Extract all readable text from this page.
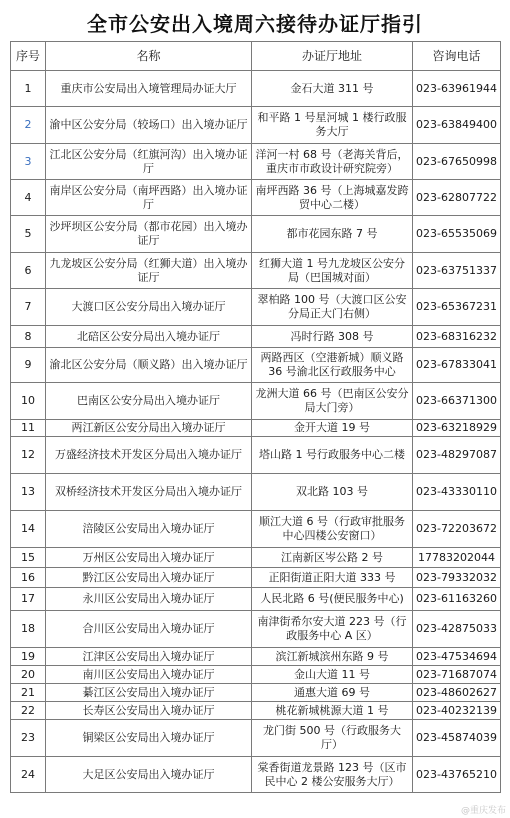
全市公安出入境周六接待办证厅指引
序号	名称	办证厅地址	咨询电话
1	重庆市公安局出入境管理局办证大厅	金石大道 311 号	023-63961944
2	渝中区公安分局（较场口）出入境办证厅	和平路 1 号星河城 1 楼行政服务大厅	023-63849400
3	江北区公安分局（红旗河沟）出入境办证厅	洋河一村 68 号（老海关背后，重庆市市政设计研究院旁）	023-67650998
4	南岸区公安分局（南坪西路）出入境办证厅	南坪西路 36 号（上海城嘉发跨贸中心二楼）	023-62807722
5	沙坪坝区公安分局（都市花园）出入境办证厅	都市花园东路 7 号	023-65535069
6	九龙坡区公安分局（红狮大道）出入境办证厅	红狮大道 1 号九龙坡区公安分局（巴国城对面）	023-63751337
7	大渡口区公安分局出入境办证厅	翠柏路 100 号（大渡口区公安分局正大门右侧）	023-65367231
8	北碚区公安分局出入境办证厅	冯时行路 308 号	023-68316232
9	渝北区公安分局（顺义路）出入境办证厅	两路西区（空港新城）顺义路 36 号渝北区行政服务中心	023-67833041
10	巴南区公安分局出入境办证厅	龙洲大道 66 号（巴南区公安分局大门旁）	023-66371300
11	两江新区公安分局出入境办证厅	金开大道 19 号	023-63218929
12	万盛经济技术开发区分局出入境办证厅	塔山路 1 号行政服务中心二楼	023-48297087
13	双桥经济技术开发区分局出入境办证厅	双北路 103 号	023-43330110
14	涪陵区公安局出入境办证厅	顺江大道 6 号（行政审批服务中心四楼公安窗口）	023-72203672
15	万州区公安局出入境办证厅	江南新区岑公路 2 号	17783202044
16	黔江区公安局出入境办证厅	正阳街道正阳大道 333 号	023-79332032
17	永川区公安局出入境办证厅	人民北路 6 号(便民服务中心)	023-61163260
18	合川区公安局出入境办证厅	南津街希尔安大道 223 号（行政服务中心 A 区）	023-42875033
19	江津区公安局出入境办证厅	滨江新城滨州东路 9 号	023-47534694
20	南川区公安局出入境办证厅	金山大道 11 号	023-71687074
21	綦江区公安局出入境办证厅	通惠大道 69 号	023-48602627
22	长寿区公安局出入境办证厅	桃花新城桃源大道 1 号	023-40232139
23	铜梁区公安局出入境办证厅	龙门街 500 号（行政服务大厅）	023-45874039
24	大足区公安局出入境办证厅	棠香街道龙景路 123 号（区市民中心 2 楼公安服务大厅）	023-43765210
@重庆发布
